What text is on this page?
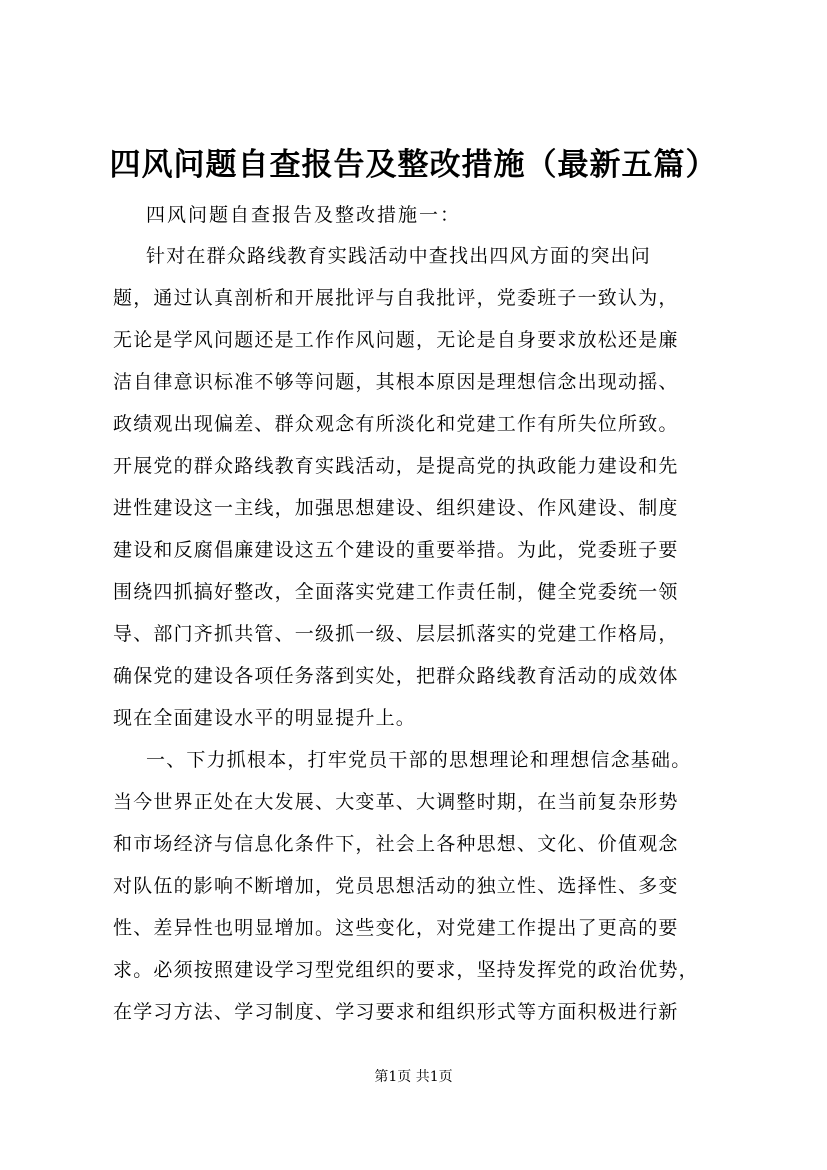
四风问题自查报告及整改措施（最新五篇）
四风问题自查报告及整改措施一：
针对在群众路线教育实践活动中查找出四风方面的突出问
题，通过认真剖析和开展批评与自我批评，党委班子一致认为，
无论是学风问题还是工作作风问题，无论是自身要求放松还是廉
洁自律意识标准不够等问题，其根本原因是理想信念出现动摇、
政绩观出现偏差、群众观念有所淡化和党建工作有所失位所致。
开展党的群众路线教育实践活动，是提高党的执政能力建设和先
进性建设这一主线，加强思想建设、组织建设、作风建设、制度
建设和反腐倡廉建设这五个建设的重要举措。为此，党委班子要
围绕四抓搞好整改，全面落实党建工作责任制，健全党委统一领
导、部门齐抓共管、一级抓一级、层层抓落实的党建工作格局，
确保党的建设各项任务落到实处，把群众路线教育活动的成效体
现在全面建设水平的明显提升上。
一、下力抓根本，打牢党员干部的思想理论和理想信念基础。
当今世界正处在大发展、大变革、大调整时期，在当前复杂形势
和市场经济与信息化条件下，社会上各种思想、文化、价值观念
对队伍的影响不断增加，党员思想活动的独立性、选择性、多变
性、差异性也明显增加。这些变化，对党建工作提出了更高的要
求。必须按照建设学习型党组织的要求，坚持发挥党的政治优势，
在学习方法、学习制度、学习要求和组织形式等方面积极进行新
第1页 共1页
